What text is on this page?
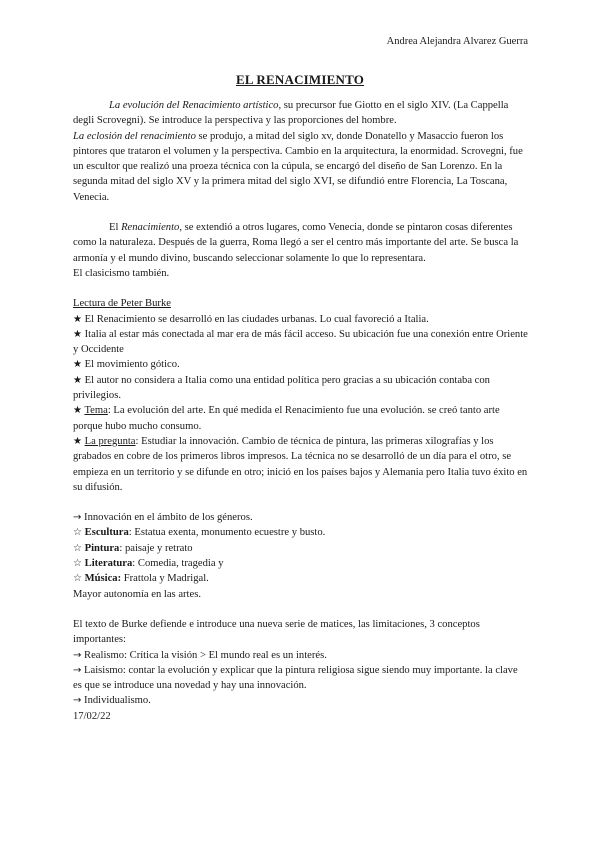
Andrea Alejandra Alvarez Guerra
EL RENACIMIENTO

La evolución del Renacimiento artístico, su precursor fue Giotto en el siglo XIV. (La Cappella degli Scrovegni). Se introduce la perspectiva y las proporciones del hombre.

La eclosión del renacimiento se produjo, a mitad del siglo xv, donde Donatello y Masaccio fueron los pintores que trataron el volumen y la perspectiva. Cambio en la arquitectura, la enormidad. Scrovegni, fue un escultor que realizó una proeza técnica con la cúpula, se encargó del diseño de San Lorenzo. En la segunda mitad del siglo XV y la primera mitad del siglo XVI, se difundió entre Florencia, La Toscana, Venecia.

El Renacimiento, se extendió a otros lugares, como Venecia, donde se pintaron cosas diferentes como la naturaleza. Después de la guerra, Roma llegó a ser el centro más importante del arte. Se busca la armonía y el mundo divino, buscando seleccionar solamente lo que lo representara.

El clasicismo también.

Lectura de Peter Burke

★ El Renacimiento se desarrolló en las ciudades urbanas. Lo cual favoreció a Italia.

★ Italia al estar más conectada al mar era de más fácil acceso. Su ubicación fue una conexión entre Oriente y Occidente

★ El movimiento gótico.

★ El autor no considera a Italia como una entidad política pero gracias a su ubicación contaba con privilegios.

★ Tema: La evolución del arte. En qué medida el Renacimiento fue una evolución. se creó tanto arte porque hubo mucho consumo.

★ La pregunta: Estudiar la innovación. Cambio de técnica de pintura, las primeras xilografías y los grabados en cobre de los primeros libros impresos. La técnica no se desarrolló de un día para el otro, se empieza en un territorio y se difunde en otro; inició en los países bajos y Alemania pero Italia tuvo éxito en su difusión.

→ Innovación en el ámbito de los géneros.

☆ Escultura: Estatua exenta, monumento ecuestre y busto.

☆ Pintura: paisaje y retrato

☆ Literatura: Comedia, tragedia y

☆ Música: Frattola y Madrigal.

Mayor autonomía en las artes.

El texto de Burke defiende e introduce una nueva serie de matices, las limitaciones, 3 conceptos importantes:

→ Realismo: Crítica la visión > El mundo real es un interés.

→ Laisismo: contar la evolución y explicar que la pintura religiosa sigue siendo muy importante. la clave es que se introduce una novedad y hay una innovación.

→ Individualismo.

17/02/22
